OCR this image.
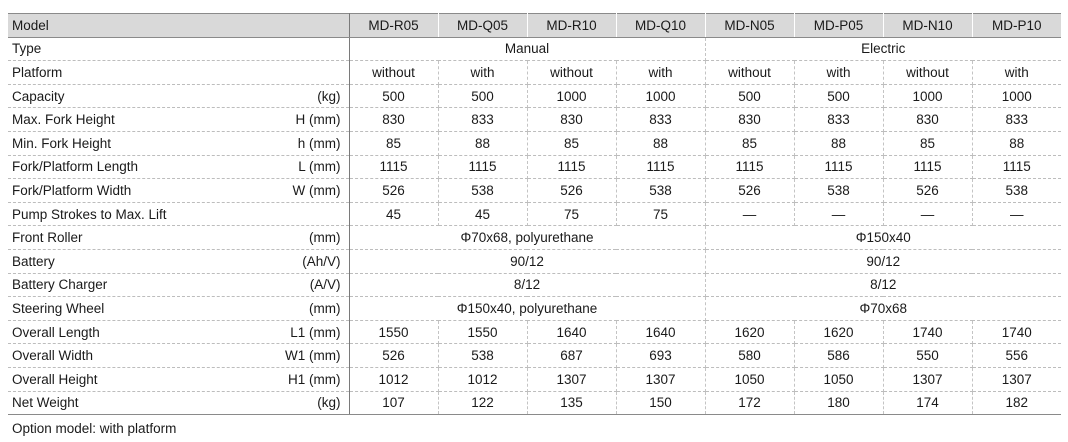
Model	MD-R05	MD-Q05	MD-R10	MD-Q10	MD-N05	MD-P05	MD-N10	MD-P10

Type	Manual				Electric			

Platform	without	with	without	with	without	with	without	with

Capacity (kg)	500	500	1000	1000	500	500	1000	1000

Max. Fork Height H (mm)	830	833	830	833	830	833	830	833

Min. Fork Height h (mm)	85	88	85	88	85	88	85	88

Fork/Platform Length L (mm)	1115	1115	1115	1115	1115	1115	1115	1115

Fork/Platform Width W (mm)	526	538	526	538	526	538	526	538

Pump Strokes to Max. Lift	45	45	75	75	—	—	—	—

Front Roller (mm)	Φ70x68, polyurethane				Φ150x40			

Battery (Ah/V)	90/12				90/12			

Battery Charger (A/V)	8/12				8/12			

Steering Wheel (mm)	Φ150x40, polyurethane				Φ70x68			

Overall Length L1 (mm)	1550	1550	1640	1640	1620	1620	1740	1740

Overall Width W1 (mm)	526	538	687	693	580	586	550	556

Overall Height H1 (mm)	1012	1012	1307	1307	1050	1050	1307	1307

Net Weight (kg)	107	122	135	150	172	180	174	182
Option model: with platform
